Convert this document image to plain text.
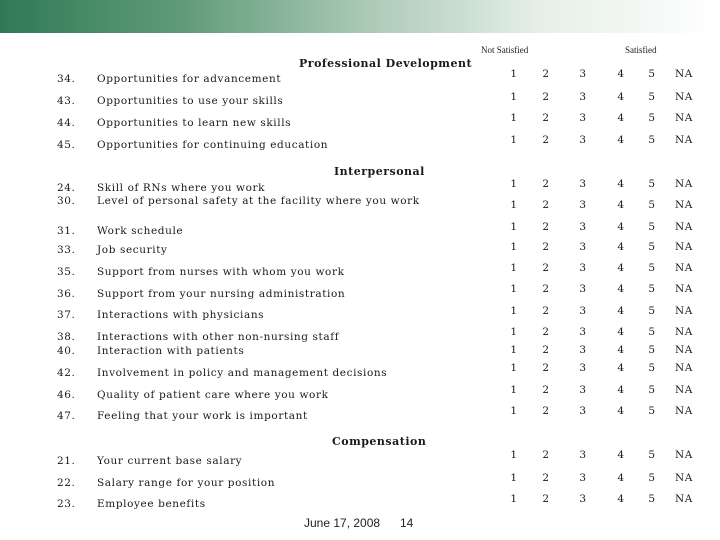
June 17, 2008 14
Not Satisfied	Satisfied
Professional Development
34. Opportunities for advancement	1	2	3	4	5	NA
43. Opportunities to use your skills	1	2	3	4	5	NA
44. Opportunities to learn new skills	1	2	3	4	5	NA
45. Opportunities for continuing education	1	2	3	4	5	NA
Interpersonal
24. Skill of RNs where you work	1	2	3	4	5	NA
30. Level of personal safety at the facility where you work	1	2	3	4	5	NA
31. Work schedule	1	2	3	4	5	NA
33. Job security	1	2	3	4	5	NA
35. Support from nurses with whom you work	1	2	3	4	5	NA
36. Support from your nursing administration	1	2	3	4	5	NA
37. Interactions with physicians	1	2	3	4	5	NA
38. Interactions with other non-nursing staff	1	2	3	4	5	NA
40. Interaction with patients	1	2	3	4	5	NA
42. Involvement in policy and management decisions	1	2	3	4	5	NA
46. Quality of patient care where you work	1	2	3	4	5	NA
47. Feeling that your work is important	1	2	3	4	5	NA
Compensation
21. Your current base salary	1	2	3	4	5	NA
22. Salary range for your position	1	2	3	4	5	NA
23. Employee benefits	1	2	3	4	5	NA
